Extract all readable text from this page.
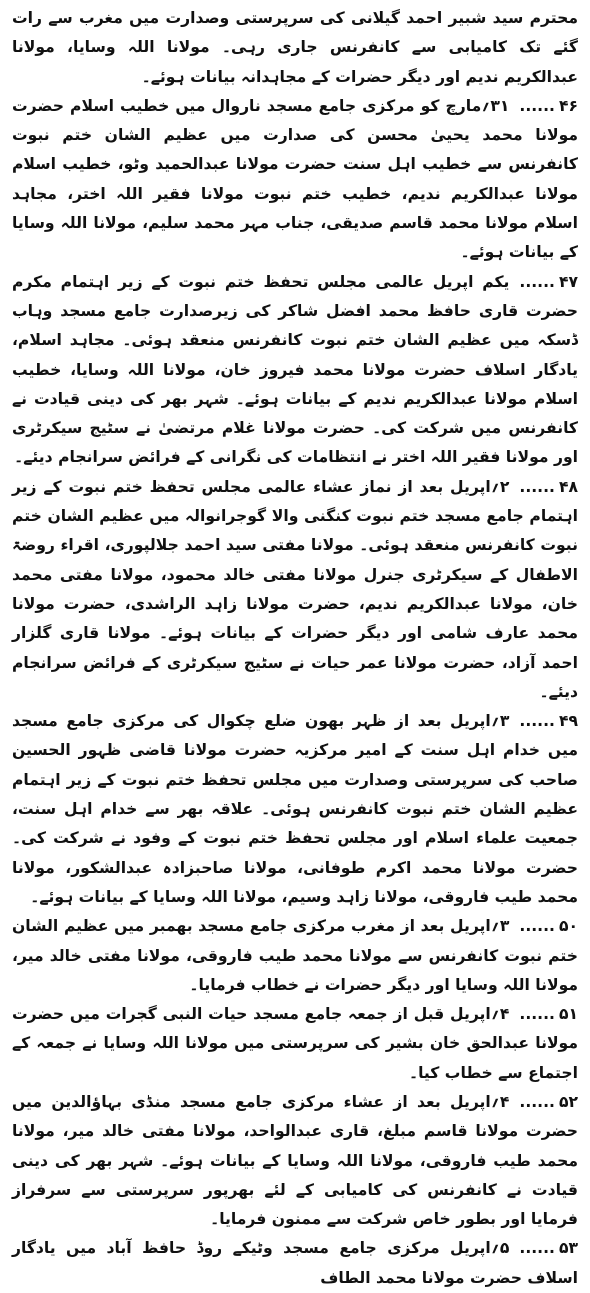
محترم سید شبیر احمد گیلانی کی سرپرستی وصدارت میں مغرب سے رات گئے تک کامیابی سے کانفرنس جاری رہی۔ مولانا اللہ وسایا، مولانا عبدالکریم ندیم اور دیگر حضرات کے مجاہدانہ بیانات ہوئے۔

۴۶......۳۱؍مارچ کو مرکزی جامع مسجد ناروال میں خطیب اسلام حضرت مولانا محمد یحییٰ محسن کی صدارت میں عظیم الشان ختم نبوت کانفرنس سے خطیب اہل سنت حضرت مولانا عبدالحمید وٹو، خطیب اسلام مولانا عبدالکریم ندیم، خطیب ختم نبوت مولانا فقیر اللہ اختر، مجاہد اسلام مولانا محمد قاسم صدیقی، جناب مہر محمد سلیم، مولانا اللہ وسایا کے بیانات ہوئے۔

۴۷......یکم اپریل عالمی مجلس تحفظ ختم نبوت کے زیر اہتمام مکرم حضرت قاری حافظ محمد افضل شاکر کی زیرصدارت جامع مسجد وہاب ڈسکہ میں عظیم الشان ختم نبوت کانفرنس منعقد ہوئی۔ مجاہد اسلام، یادگار اسلاف حضرت مولانا محمد فیروز خان، مولانا اللہ وسایا، خطیب اسلام مولانا عبدالکریم ندیم کے بیانات ہوئے۔ شہر بھر کی دینی قیادت نے کانفرنس میں شرکت کی۔ حضرت مولانا غلام مرتضیٰ نے سٹیج سیکرٹری اور مولانا فقیر اللہ اختر نے انتظامات کی نگرانی کے فرائض سرانجام دیئے۔

۴۸......۲؍اپریل بعد از نماز عشاء عالمی مجلس تحفظ ختم نبوت کے زیر اہتمام جامع مسجد ختم نبوت کنگنی والا گوجرانوالہ میں عظیم الشان ختم نبوت کانفرنس منعقد ہوئی۔ مولانا مفتی سید احمد جلالپوری، اقراء روضۃ الاطفال کے سیکرٹری جنرل مولانا مفتی خالد محمود، مولانا مفتی محمد خان، مولانا عبدالکریم ندیم، حضرت مولانا زاہد الراشدی، حضرت مولانا محمد عارف شامی اور دیگر حضرات کے بیانات ہوئے۔ مولانا قاری گلزار احمد آزاد، حضرت مولانا عمر حیات نے سٹیج سیکرٹری کے فرائض سرانجام دیئے۔

۴۹......۳؍اپریل بعد از ظہر بھون ضلع چکوال کی مرکزی جامع مسجد میں خدام اہل سنت کے امیر مرکزیہ حضرت مولانا قاضی ظہور الحسین صاحب کی سرپرستی وصدارت میں مجلس تحفظ ختم نبوت کے زیر اہتمام عظیم الشان ختم نبوت کانفرنس ہوئی۔ علاقہ بھر سے خدام اہل سنت، جمعیت علماء اسلام اور مجلس تحفظ ختم نبوت کے وفود نے شرکت کی۔ حضرت مولانا محمد اکرم طوفانی، مولانا صاحبزادہ عبدالشکور، مولانا محمد طیب فاروقی، مولانا زاہد وسیم، مولانا اللہ وسایا کے بیانات ہوئے۔

۵۰......۳؍اپریل بعد از مغرب مرکزی جامع مسجد بھمبر میں عظیم الشان ختم نبوت کانفرنس سے مولانا محمد طیب فاروقی، مولانا مفتی خالد میر، مولانا اللہ وسایا اور دیگر حضرات نے خطاب فرمایا۔

۵۱......۴؍اپریل قبل از جمعہ جامع مسجد حیات النبی گجرات میں حضرت مولانا عبدالحق خان بشیر کی سرپرستی میں مولانا اللہ وسایا نے جمعہ کے اجتماع سے خطاب کیا۔

۵۲......۴؍اپریل بعد از عشاء مرکزی جامع مسجد منڈی بہاؤالدین میں حضرت مولانا قاسم مبلغ، قاری عبدالواحد، مولانا مفتی خالد میر، مولانا محمد طیب فاروقی، مولانا اللہ وسایا کے بیانات ہوئے۔ شہر بھر کی دینی قیادت نے کانفرنس کی کامیابی کے لئے بھرپور سرپرستی سے سرفراز فرمایا اور بطور خاص شرکت سے ممنون فرمایا۔

۵۳......۵؍اپریل مرکزی جامع مسجد وٹیکے روڈ حافظ آباد میں یادگار اسلاف حضرت مولانا محمد الطاف
